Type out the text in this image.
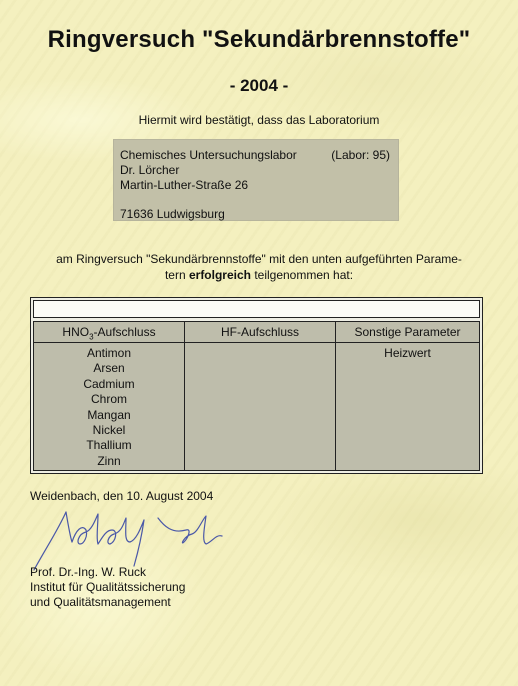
Ringversuch "Sekundärbrennstoffe"
- 2004 -
Hiermit wird bestätigt, dass das Laboratorium
Chemisches Untersuchungslabor	(Labor: 95)
Dr. Lörcher
Martin-Luther-Straße 26
71636 Ludwigsburg
am Ringversuch "Sekundärbrennstoffe" mit den unten aufgeführten Parame-
tern erfolgreich teilgenommen hat:
$HNO_3$-Aufschluss
Antimon
Arsen
Cadmium
Chrom
Mangan
Nickel
Thallium
Zinn
HF-Aufschluss	Sonstige Parameter
Heizwert
Weidenbach, den 10. August 2004
Prof. Dr.-Ing. W. Ruck
Institut für Qualitätssicherung
und Qualitätsmanagement
